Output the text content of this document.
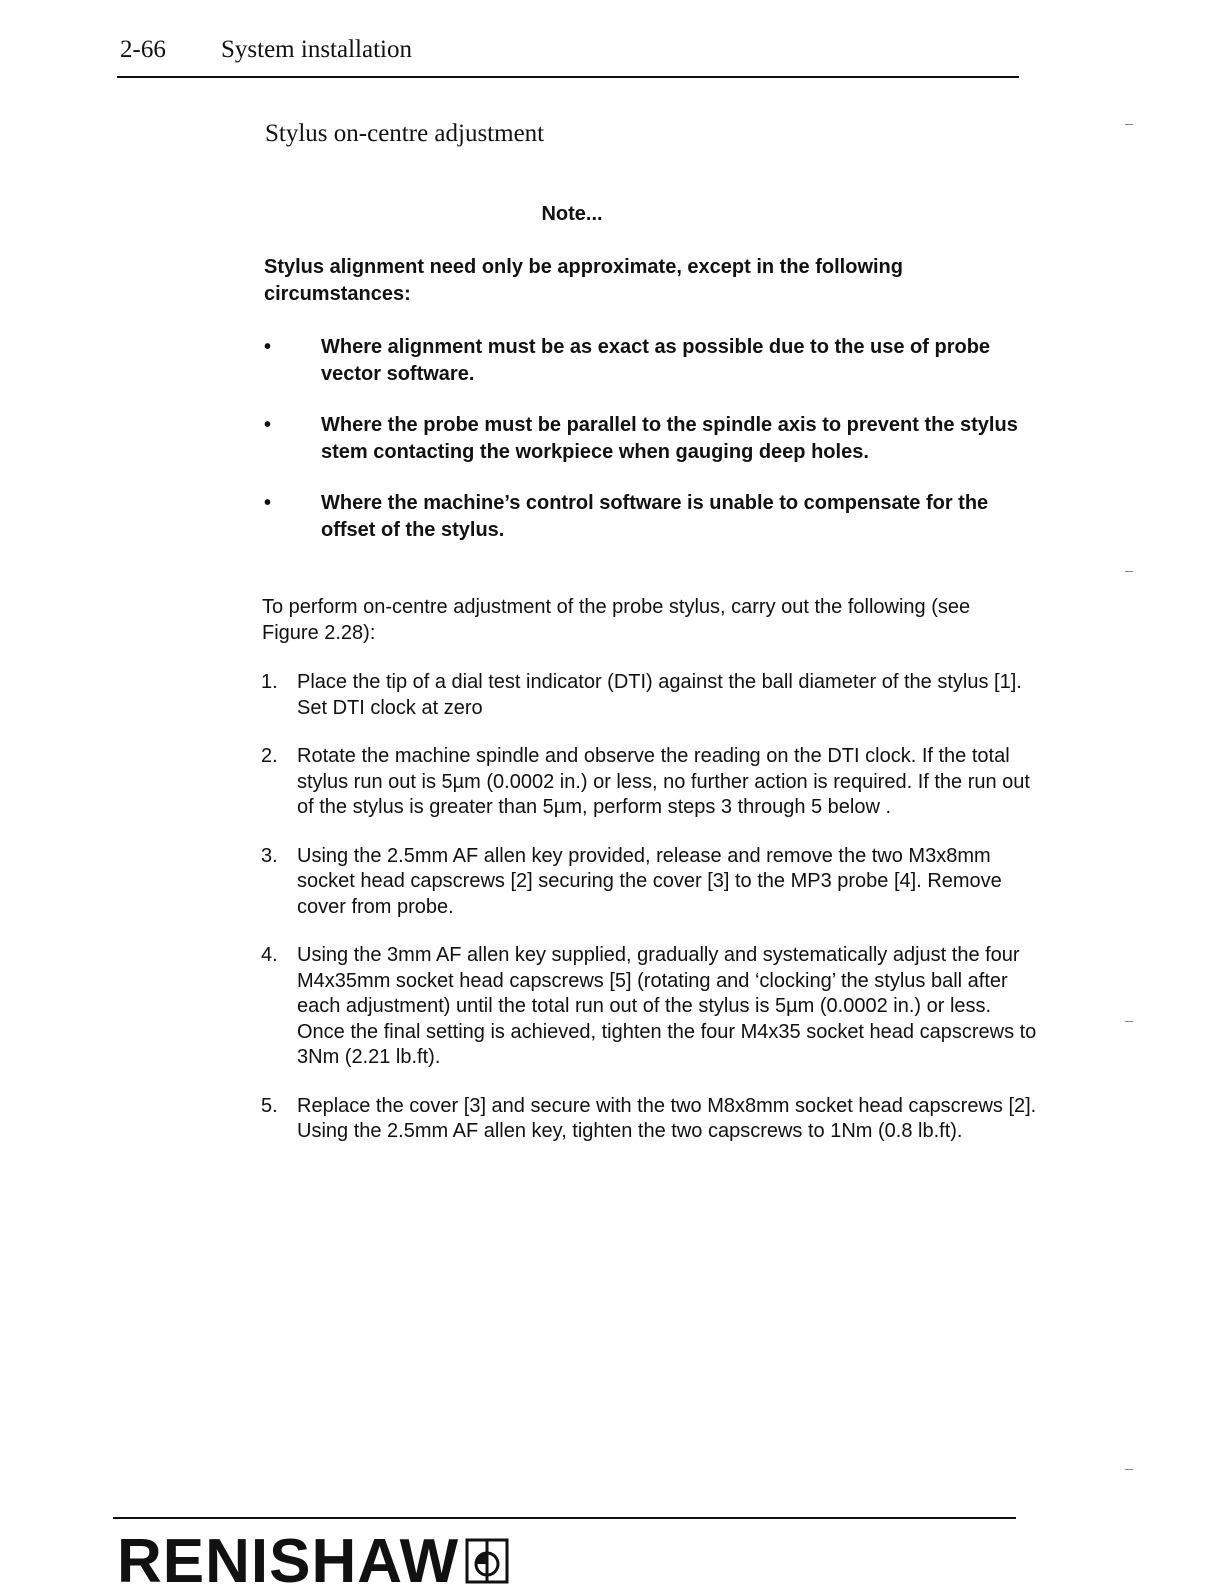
2-66 System installation
Stylus on-centre adjustment
Note...

Stylus alignment need only be approximate, except in the following circumstances:

• Where alignment must be as exact as possible due to the use of probe vector software.
• Where the probe must be parallel to the spindle axis to prevent the stylus stem contacting the workpiece when gauging deep holes.
• Where the machine’s control software is unable to compensate for the offset of the stylus.

To perform on-centre adjustment of the probe stylus, carry out the following (see Figure 2.28):

1. Place the tip of a dial test indicator (DTI) against the ball diameter of the stylus [1]. Set DTI clock at zero
2. Rotate the machine spindle and observe the reading on the DTI clock. If the total stylus run out is 5µm (0.0002 in.) or less, no further action is required. If the run out of the stylus is greater than 5µm, perform steps 3 through 5 below .
3. Using the 2.5mm AF allen key provided, release and remove the two M3x8mm socket head capscrews [2] securing the cover [3] to the MP3 probe [4]. Remove cover from probe.
4. Using the 3mm AF allen key supplied, gradually and systematically adjust the four M4x35mm socket head capscrews [5] (rotating and ‘clocking’ the stylus ball after each adjustment) until the total run out of the stylus is 5µm (0.0002 in.) or less. Once the final setting is achieved, tighten the four M4x35 socket head capscrews to 3Nm (2.21 lb.ft).
5. Replace the cover [3] and secure with the two M8x8mm socket head capscrews [2]. Using the 2.5mm AF allen key, tighten the two capscrews to 1Nm (0.8 lb.ft).
RENISHAW
